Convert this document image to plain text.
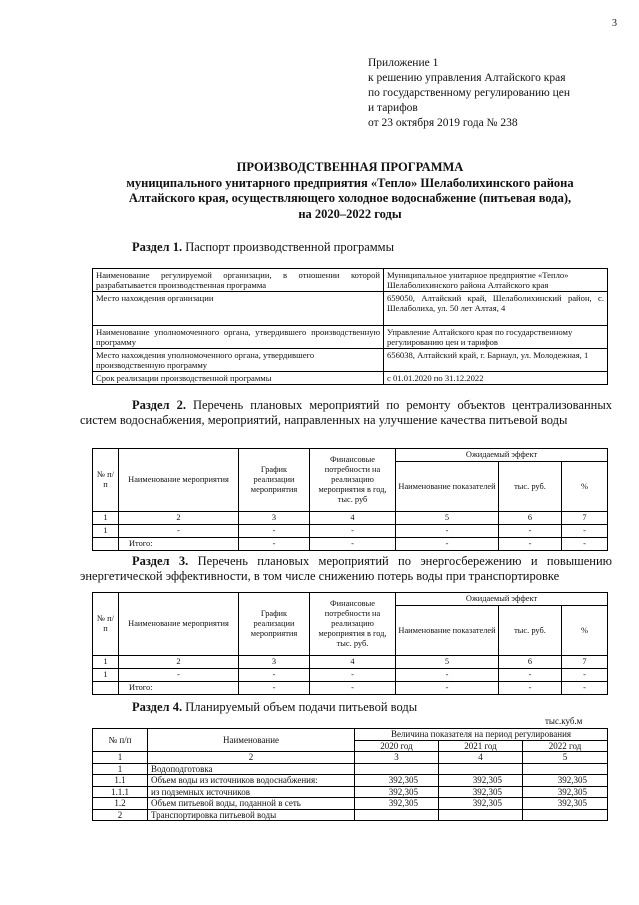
3
Приложение 1
к решению управления Алтайского края
по государственному регулированию цен
и тарифов
от 23 октября 2019 года № 238
ПРОИЗВОДСТВЕННАЯ ПРОГРАММА
муниципального унитарного предприятия «Тепло» Шелаболихинского района
Алтайского края, осуществляющего холодное водоснабжение (питьевая вода),
на 2020–2022 годы
Раздел 1. Паспорт производственной программы
Наименование регулируемой организации, в отношении которой разрабатывается производственная программа	Муниципальное унитарное предприятие «Тепло» Шелаболихинского района Алтайского края
Место нахождения организации	659050, Алтайский край, Шелаболихинский район, с. Шелаболиха, ул. 50 лет Алтая, 4
Наименование уполномоченного органа, утвердившего производственную программу	Управление Алтайского края по государственному регулированию цен и тарифов
Место нахождения уполномоченного органа, утвердившего производственную программу	656038, Алтайский край, г. Барнаул, ул. Молодежная, 1
Срок реализации производственной программы	с 01.01.2020 по 31.12.2022
Раздел 2. Перечень плановых мероприятий по ремонту объектов централизованных систем водоснабжения, мероприятий, направленных на улучшение качества питьевой воды
№ п/п	Наименование мероприятия	График реализации мероприятия	Финансовые потребности на реализацию мероприятия в год, тыс. руб	Ожидаемый эффект		
				Наименование показателей	тыс. руб.	%
1	2	3	4	5	6	7
1	-	-	-	-	-	-
	Итого:	-	-	-	-	-
Раздел 3. Перечень плановых мероприятий по энергосбережению и повышению энергетической эффективности, в том числе снижению потерь воды при транспортировке
№ п/п	Наименование мероприятия	График реализации мероприятия	Финансовые потребности на реализацию мероприятия в год, тыс. руб.	Ожидаемый эффект		
				Наименование показателей	тыс. руб.	%
1	2	3	4	5	6	7
1	-	-	-	-	-	-
	Итого:	-	-	-	-	-
Раздел 4. Планируемый объем подачи питьевой воды
тыс.куб.м
№ п/п	Наименование	Величина показателя на период регулирования		
		2020 год	2021 год	2022 год
1	2	3	4	5
1	Водоподготовка			
1.1	Объем воды из источников водоснабжения:	392,305	392,305	392,305
1.1.1	из подземных источников	392,305	392,305	392,305
1.2	Объем питьевой воды, поданной в сеть	392,305	392,305	392,305
2	Транспортировка питьевой воды			
